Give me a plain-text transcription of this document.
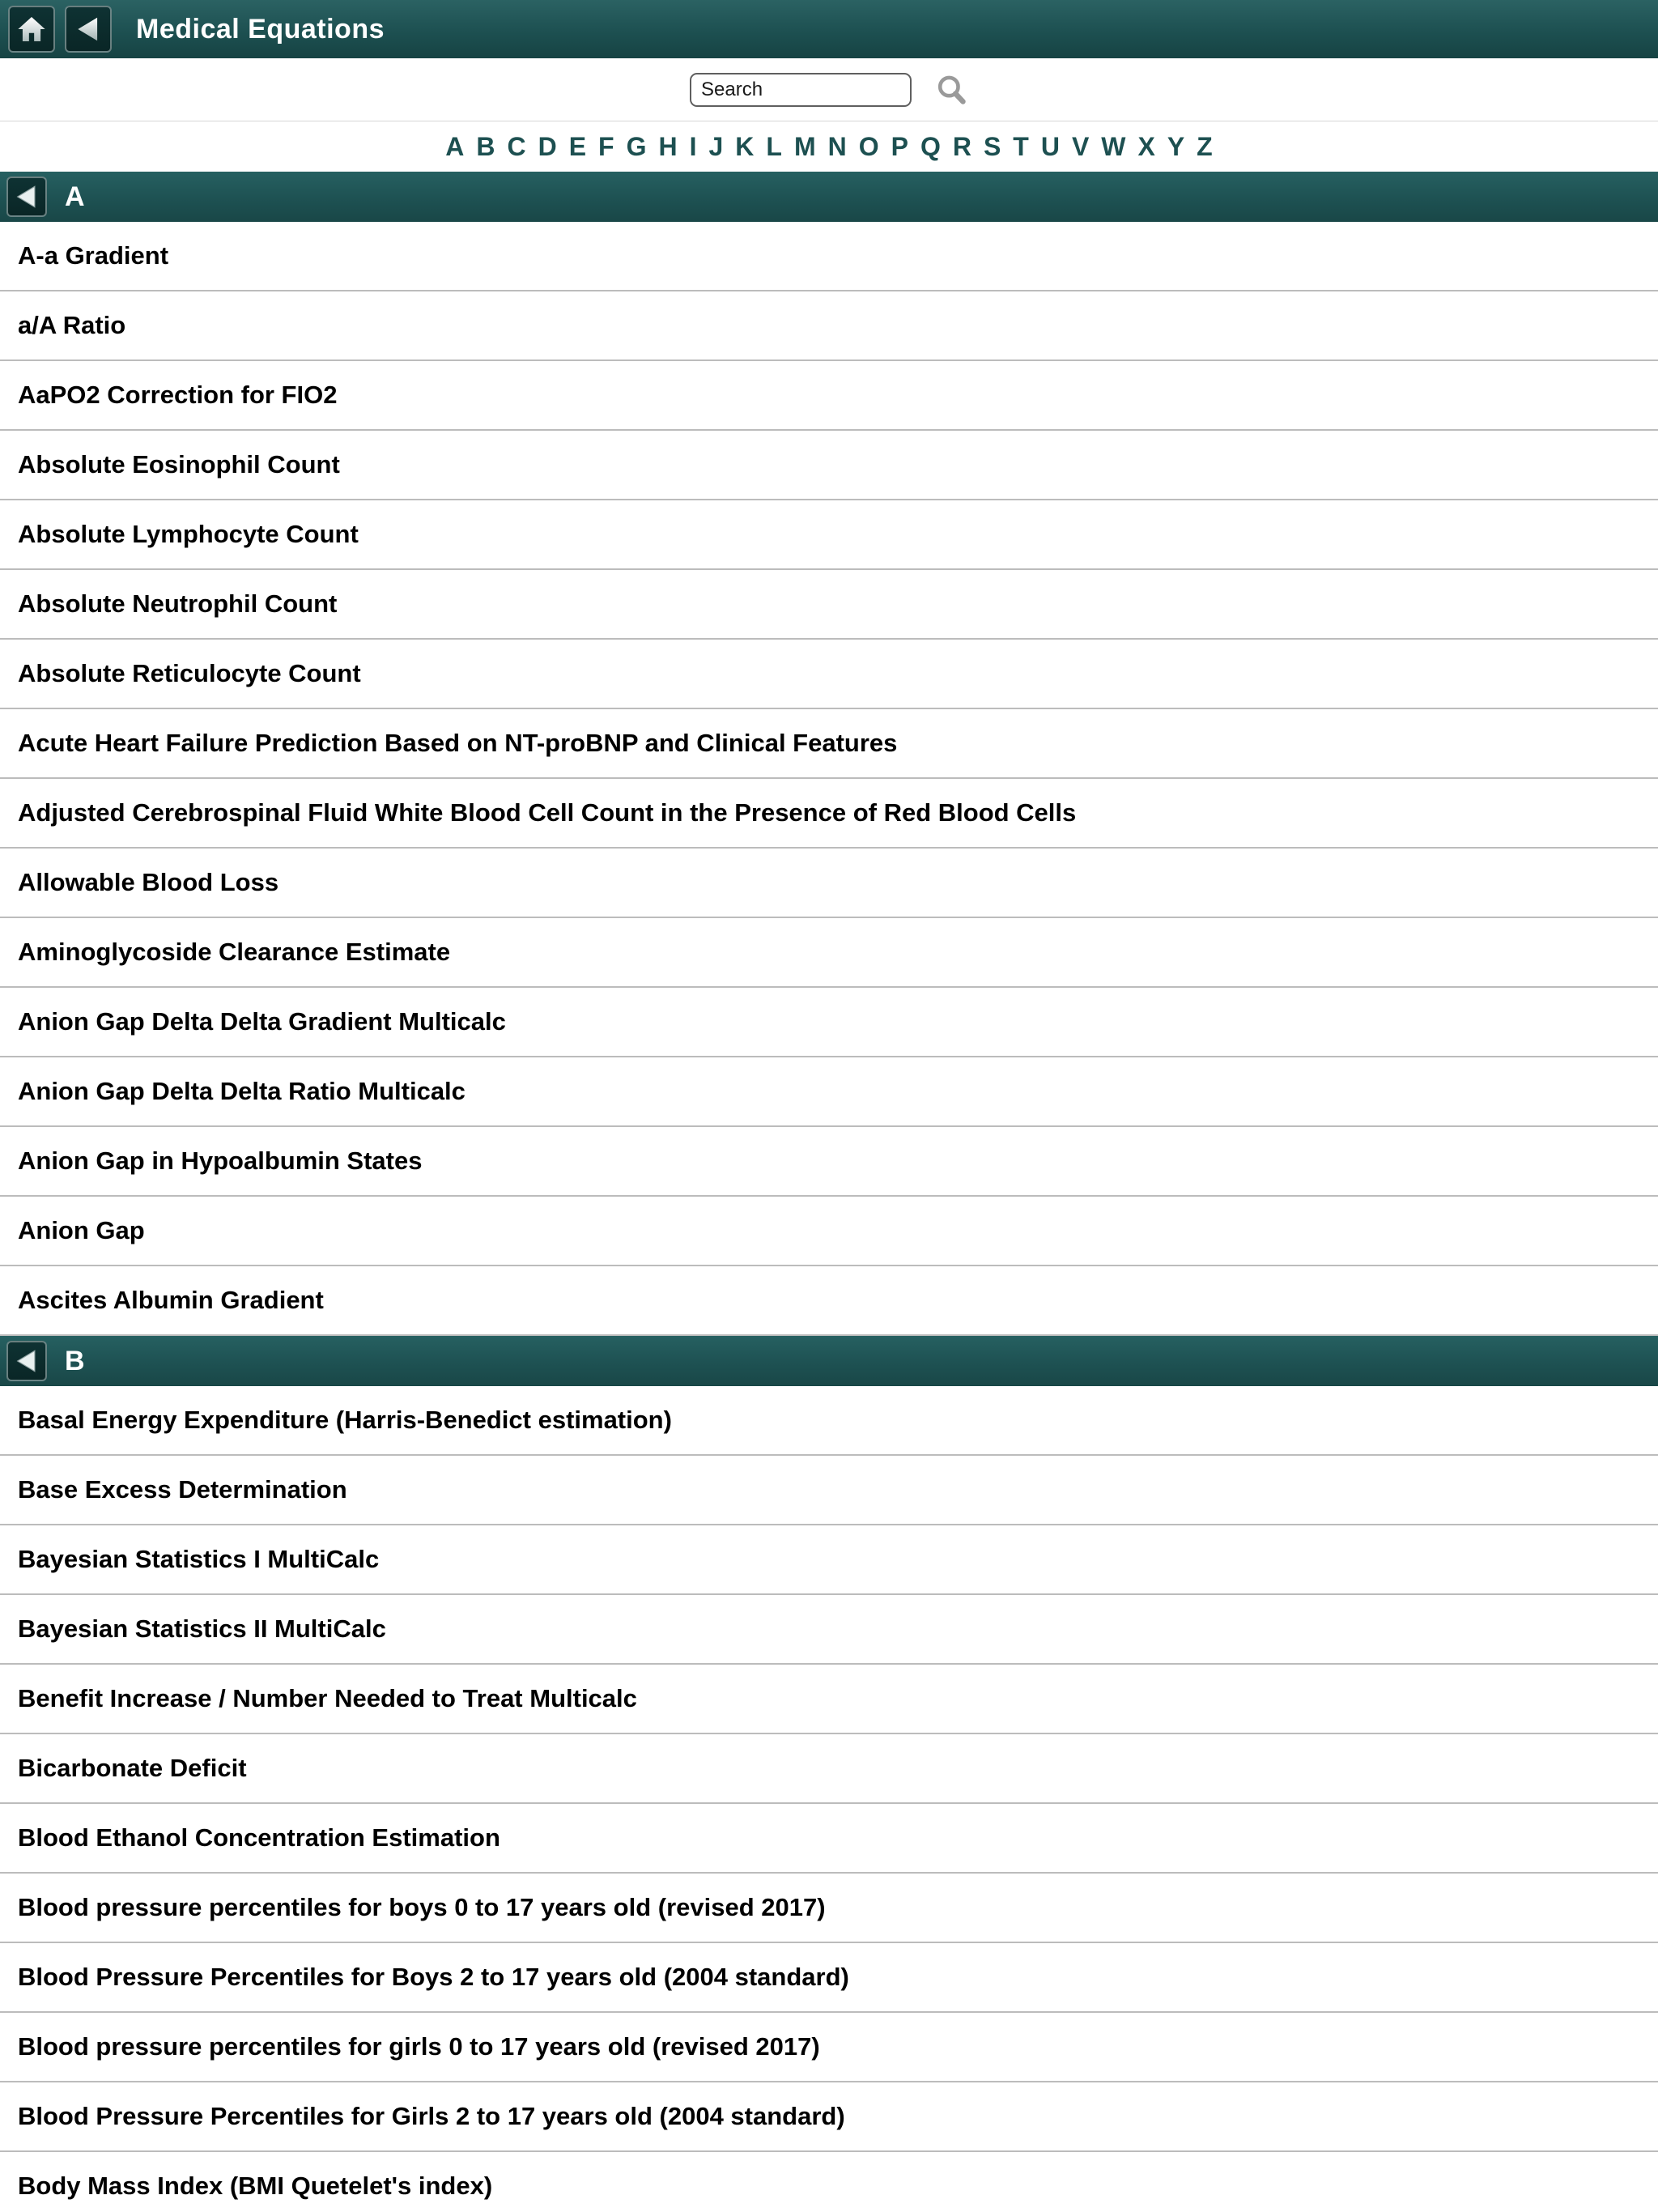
Medical Equations
Search
A B C D E F G H I J K L M N O P Q R S T U V W X Y Z
A
A-a Gradient
a/A Ratio
AaPO2 Correction for FIO2
Absolute Eosinophil Count
Absolute Lymphocyte Count
Absolute Neutrophil Count
Absolute Reticulocyte Count
Acute Heart Failure Prediction Based on NT-proBNP and Clinical Features
Adjusted Cerebrospinal Fluid White Blood Cell Count in the Presence of Red Blood Cells
Allowable Blood Loss
Aminoglycoside Clearance Estimate
Anion Gap Delta Delta Gradient Multicalc
Anion Gap Delta Delta Ratio Multicalc
Anion Gap in Hypoalbumin States
Anion Gap
Ascites Albumin Gradient
B
Basal Energy Expenditure (Harris-Benedict estimation)
Base Excess Determination
Bayesian Statistics I MultiCalc
Bayesian Statistics II MultiCalc
Benefit Increase / Number Needed to Treat Multicalc
Bicarbonate Deficit
Blood Ethanol Concentration Estimation
Blood pressure percentiles for boys 0 to 17 years old (revised 2017)
Blood Pressure Percentiles for Boys 2 to 17 years old (2004 standard)
Blood pressure percentiles for girls 0 to 17 years old (revised 2017)
Blood Pressure Percentiles for Girls 2 to 17 years old (2004 standard)
Body Mass Index (BMI Quetelet's index)
